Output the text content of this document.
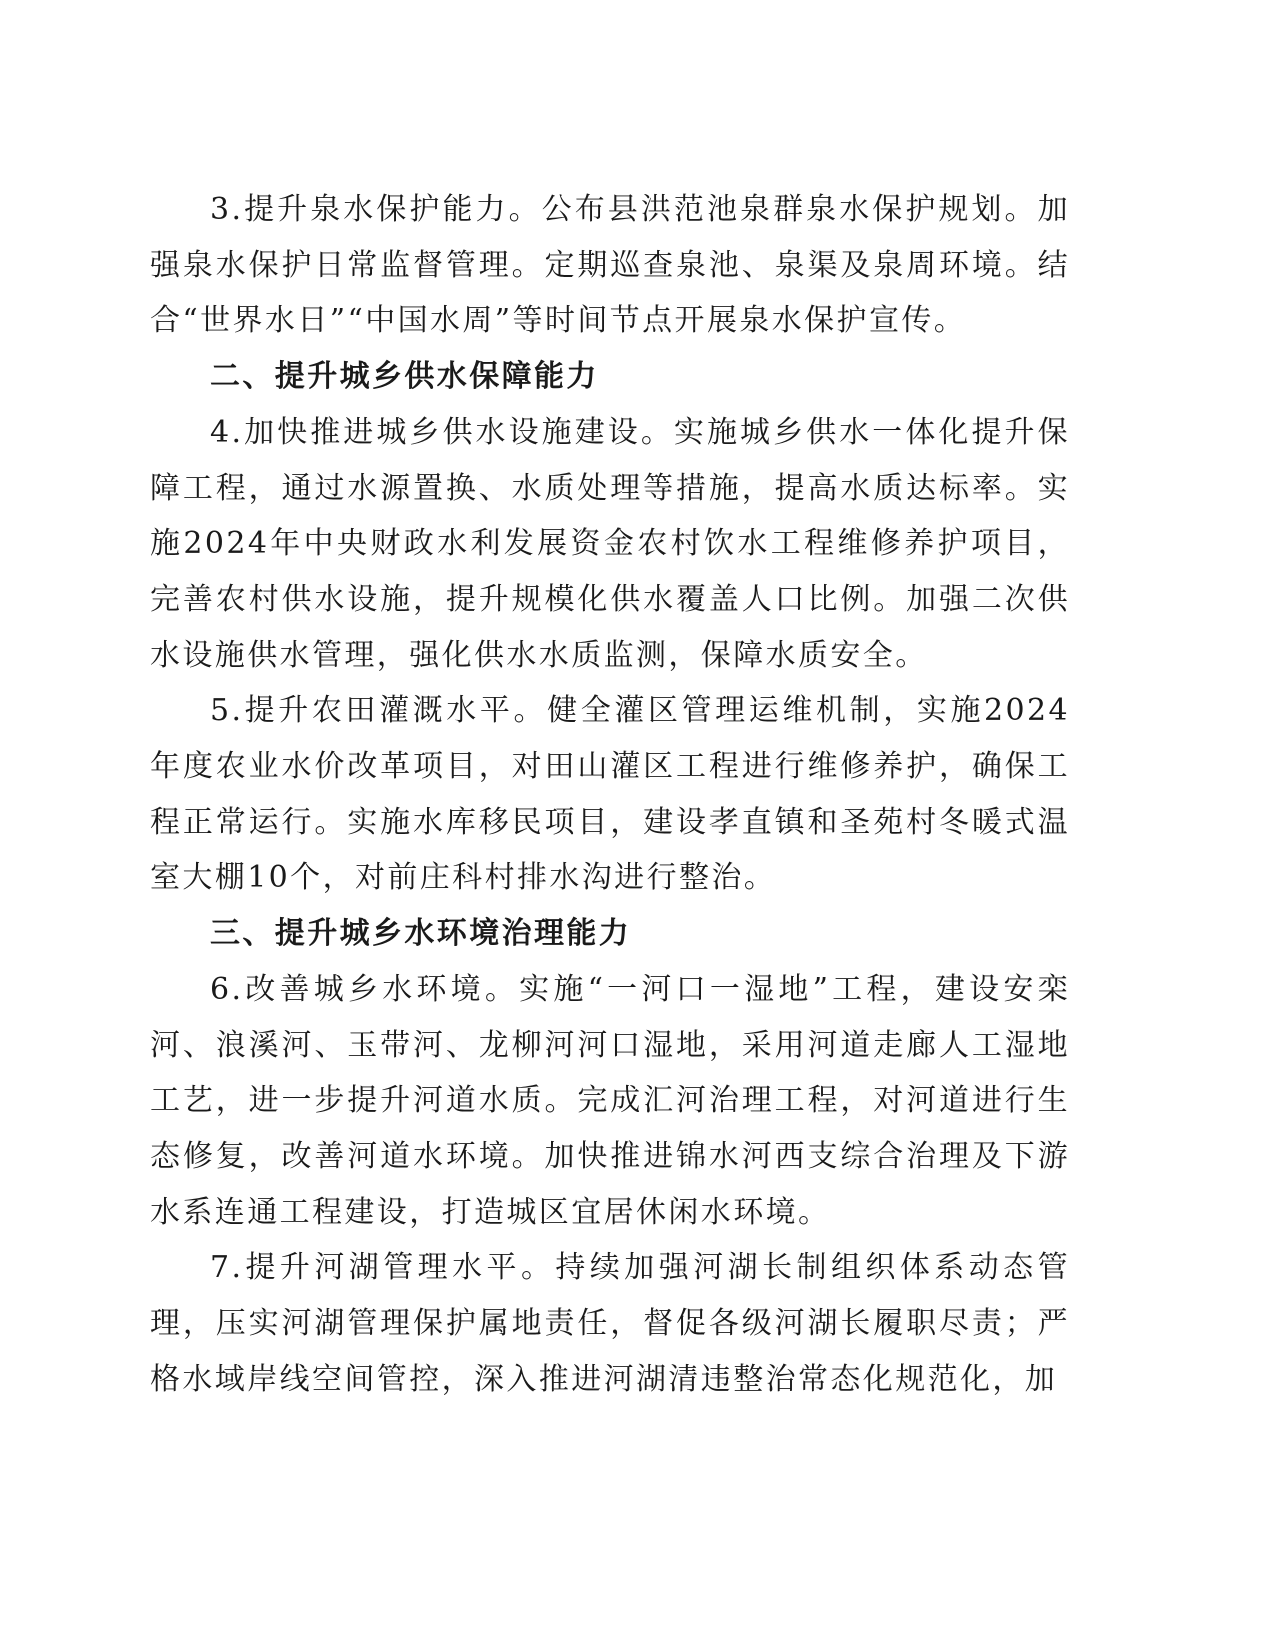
3.提升泉水保护能力。公布县洪范池泉群泉水保护规划。加强泉水保护日常监督管理。定期巡查泉池、泉渠及泉周环境。结合“世界水日”“中国水周”等时间节点开展泉水保护宣传。

二、提升城乡供水保障能力

4.加快推进城乡供水设施建设。实施城乡供水一体化提升保障工程，通过水源置换、水质处理等措施，提高水质达标率。实施2024年中央财政水利发展资金农村饮水工程维修养护项目，完善农村供水设施，提升规模化供水覆盖人口比例。加强二次供水设施供水管理，强化供水水质监测，保障水质安全。

5.提升农田灌溉水平。健全灌区管理运维机制，实施2024年度农业水价改革项目，对田山灌区工程进行维修养护，确保工程正常运行。实施水库移民项目，建设孝直镇和圣苑村冬暖式温室大棚10个，对前庄科村排水沟进行整治。

三、提升城乡水环境治理能力

6.改善城乡水环境。实施“一河口一湿地”工程，建设安栾河、浪溪河、玉带河、龙柳河河口湿地，采用河道走廊人工湿地工艺，进一步提升河道水质。完成汇河治理工程，对河道进行生态修复，改善河道水环境。加快推进锦水河西支综合治理及下游水系连通工程建设，打造城区宜居休闲水环境。

7.提升河湖管理水平。持续加强河湖长制组织体系动态管理，压实河湖管理保护属地责任，督促各级河湖长履职尽责；严格水域岸线空间管控，深入推进河湖清违整治常态化规范化，加
